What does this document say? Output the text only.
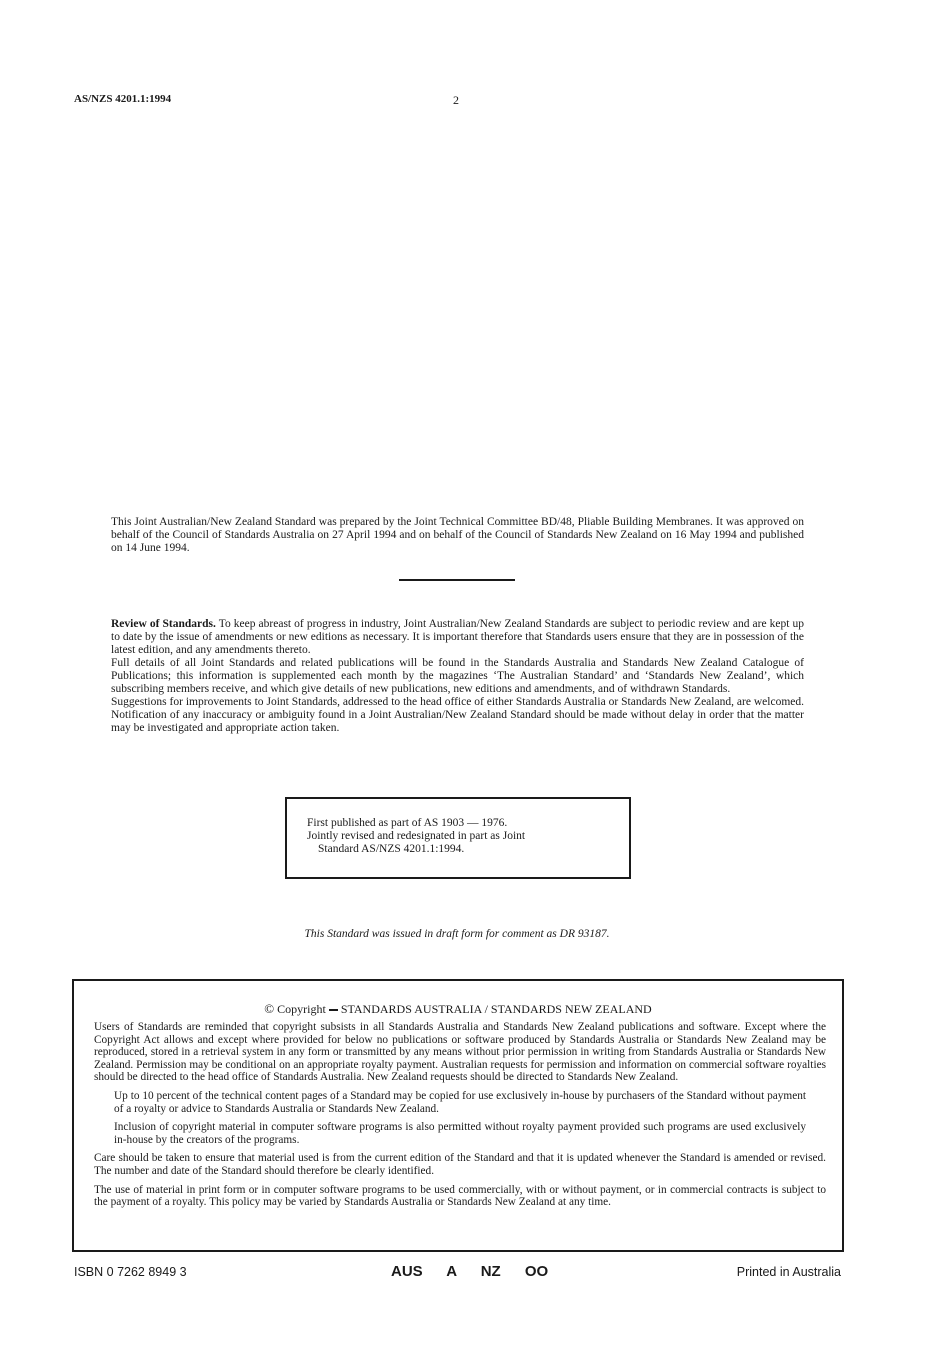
AS/NZS 4201.1:1994	2
This Joint Australian/New Zealand Standard was prepared by the Joint Technical Committee BD/48, Pliable Building Membranes. It was approved on behalf of the Council of Standards Australia on 27 April 1994 and on behalf of the Council of Standards New Zealand on 16 May 1994 and published on 14 June 1994.

Review of Standards. To keep abreast of progress in industry, Joint Australian/New Zealand Standards are subject to periodic review and are kept up to date by the issue of amendments or new editions as necessary. It is important therefore that Standards users ensure that they are in possession of the latest edition, and any amendments thereto.

Full details of all Joint Standards and related publications will be found in the Standards Australia and Standards New Zealand Catalogue of Publications; this information is supplemented each month by the magazines ‘The Australian Standard’ and ‘Standards New Zealand’, which subscribing members receive, and which give details of new publications, new editions and amendments, and of withdrawn Standards.

Suggestions for improvements to Joint Standards, addressed to the head office of either Standards Australia or Standards New Zealand, are welcomed. Notification of any inaccuracy or ambiguity found in a Joint Australian/New Zealand Standard should be made without delay in order that the matter may be investigated and appropriate action taken.

First published as part of AS 1903 — 1976.
Jointly revised and redesignated in part as Joint
Standard AS/NZS 4201.1:1994.
This Standard was issued in draft form for comment as DR 93187.
© Copyright STANDARDS AUSTRALIA / STANDARDS NEW ZEALAND

Users of Standards are reminded that copyright subsists in all Standards Australia and Standards New Zealand publications and software. Except where the Copyright Act allows and except where provided for below no publications or software produced by Standards Australia or Standards New Zealand may be reproduced, stored in a retrieval system in any form or transmitted by any means without prior permission in writing from Standards Australia or Standards New Zealand. Permission may be conditional on an appropriate royalty payment. Australian requests for permission and information on commercial software royalties should be directed to the head office of Standards Australia. New Zealand requests should be directed to Standards New Zealand.

Up to 10 percent of the technical content pages of a Standard may be copied for use exclusively in-house by purchasers of the Standard without payment of a royalty or advice to Standards Australia or Standards New Zealand.

Inclusion of copyright material in computer software programs is also permitted without royalty payment provided such programs are used exclusively in-house by the creators of the programs.

Care should be taken to ensure that material used is from the current edition of the Standard and that it is updated whenever the Standard is amended or revised. The number and date of the Standard should therefore be clearly identified.

The use of material in print form or in computer software programs to be used commercially, with or without payment, or in commercial contracts is subject to the payment of a royalty. This policy may be varied by Standards Australia or Standards New Zealand at any time.

ISBN 0 7262 8949 3	AUS A NZ OO	Printed in Australia
